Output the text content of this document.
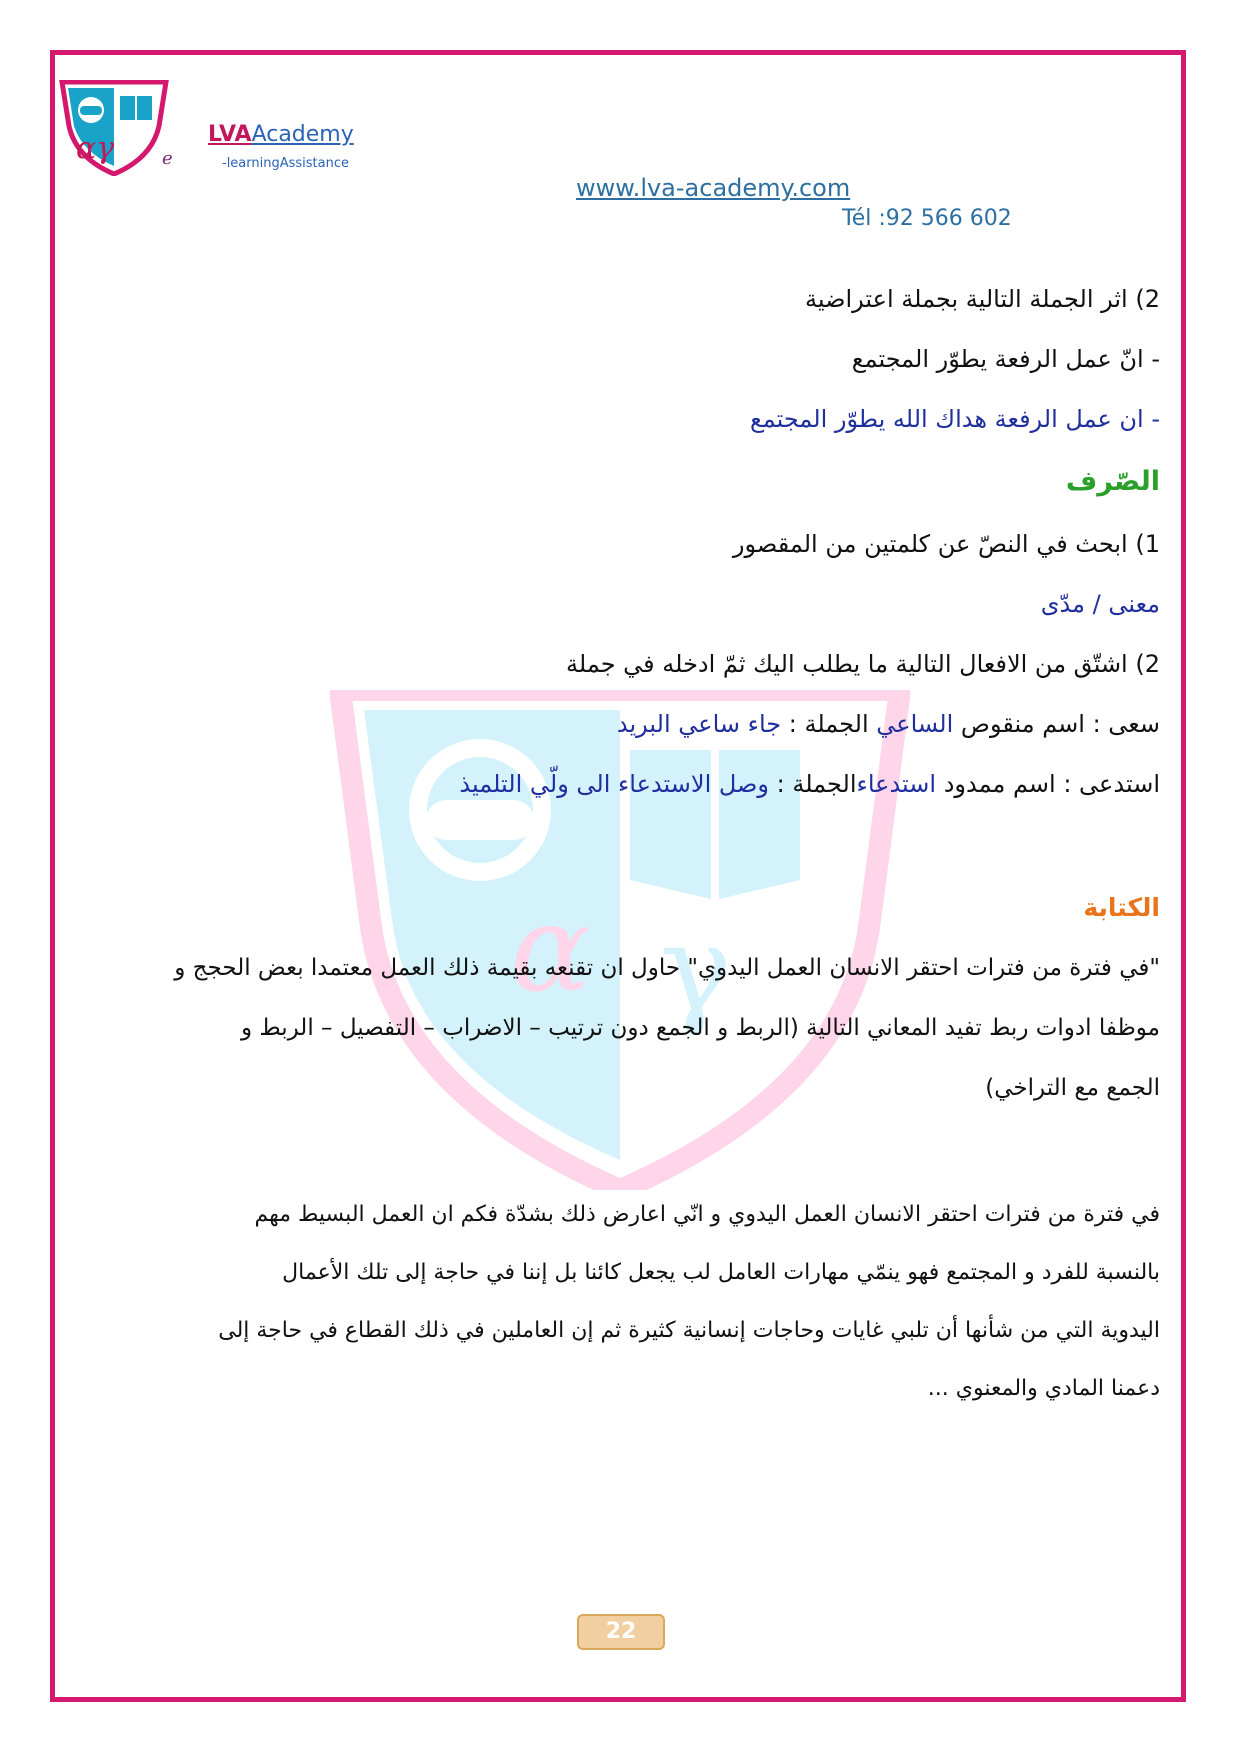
α γ
αγ	e
LVAAcademy
-learningAssistance
www.lva-academy.com
Tél :92 566 602
2) اثر الجملة التالية بجملة اعتراضية
- انّ عمل الرفعة يطوّر المجتمع
- ان عمل الرفعة هداك الله يطوّر المجتمع
الصّرف
1) ابحث في النصّ عن كلمتين من المقصور
معنى / مدّى
2) اشتّق من الافعال التالية ما يطلب اليك ثمّ ادخله في جملة
سعى : اسم منقوص الساعي الجملة : جاء ساعي البريد
استدعى : اسم ممدود استدعاءالجملة : وصل الاستدعاء الى ولّي التلميذ
الكتابة
"في فترة من فترات احتقر الانسان العمل اليدوي" حاول ان تقنعه بقيمة ذلك العمل معتمدا بعض الحجج و
موظفا ادوات ربط تفيد المعاني التالية (الربط و الجمع دون ترتيب – الاضراب – التفصيل – الربط و
الجمع مع التراخي)
في فترة من فترات احتقر الانسان العمل اليدوي و انّي اعارض ذلك بشدّة فكم ان العمل البسيط مهم
بالنسبة للفرد و المجتمع فهو ينمّي مهارات العامل لب يجعل كائنا بل إننا في حاجة إلى تلك الأعمال
اليدوية التي من شأنها أن تلبي غايات وحاجات إنسانية كثيرة ثم إن العاملين في ذلك القطاع في حاجة إلى
دعمنا المادي والمعنوي ...
22
